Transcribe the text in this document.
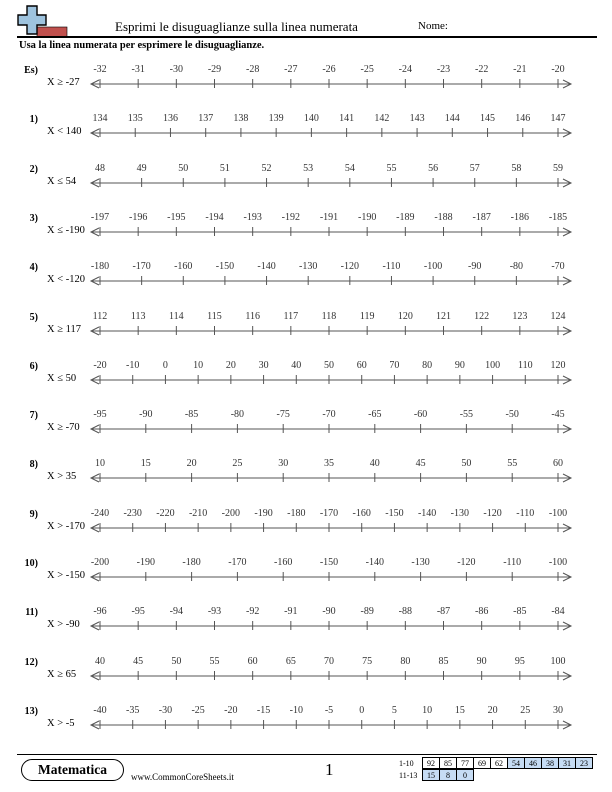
Esprimi le disuguaglianze sulla linea numerata	Nome:
Usa la linea numerata per esprimere le disuguaglianze.
Es)
X ≥ -27
-32 -31 -30 -29 -28 -27 -26 -25 -24 -23 -22 -21 -20
1)
X < 140
134 135 136 137 138 139 140 141 142 143 144 145 146 147
2)
X ≤ 54
48	49	50	51	52	53	54	55	56	57	58	59
3)
X ≤ -190
-197 -196 -195 -194 -193 -192 -191 -190 -189 -188 -187 -186 -185
4)
X < -120
-180 -170 -160 -150 -140 -130 -120 -110 -100	-90	-80	-70
5)
X ≥ 117
112 113 114 115 116 117 118 119 120 121 122 123 124
6)
X ≤ 50
-20 -10 0	10 20 30 40 50 60 70 80 90 100 110 120
7)
X ≥ -70
-95	-90	-85	-80	-75	-70	-65	-60	-55	-50	-45
8)
X > 35
10	15	20	25	30	35	40	45	50	55	60
9)
X > -170
-240 -230 -220 -210 -200 -190 -180 -170 -160 -150 -140 -130 -120 -110 -100
10)
X > -150
-200	-190	-180	-170	-160	-150	-140	-130	-120	-110	-100
11)
X > -90
-96 -95 -94 -93 -92 -91 -90 -89 -88 -87 -86 -85 -84
12)
X ≥ 65
40	45	50	55	60	65	70	75	80	85	90	95	100
13)
X > -5
-40 -35 -30 -25 -20 -15 -10 -5	0	5	10 15 20 25 30
Matematica	www.CommonCoreSheets.it	1	1-10	92	85	77	69	62	54	46	38	31	23
11-13	15	8	0
